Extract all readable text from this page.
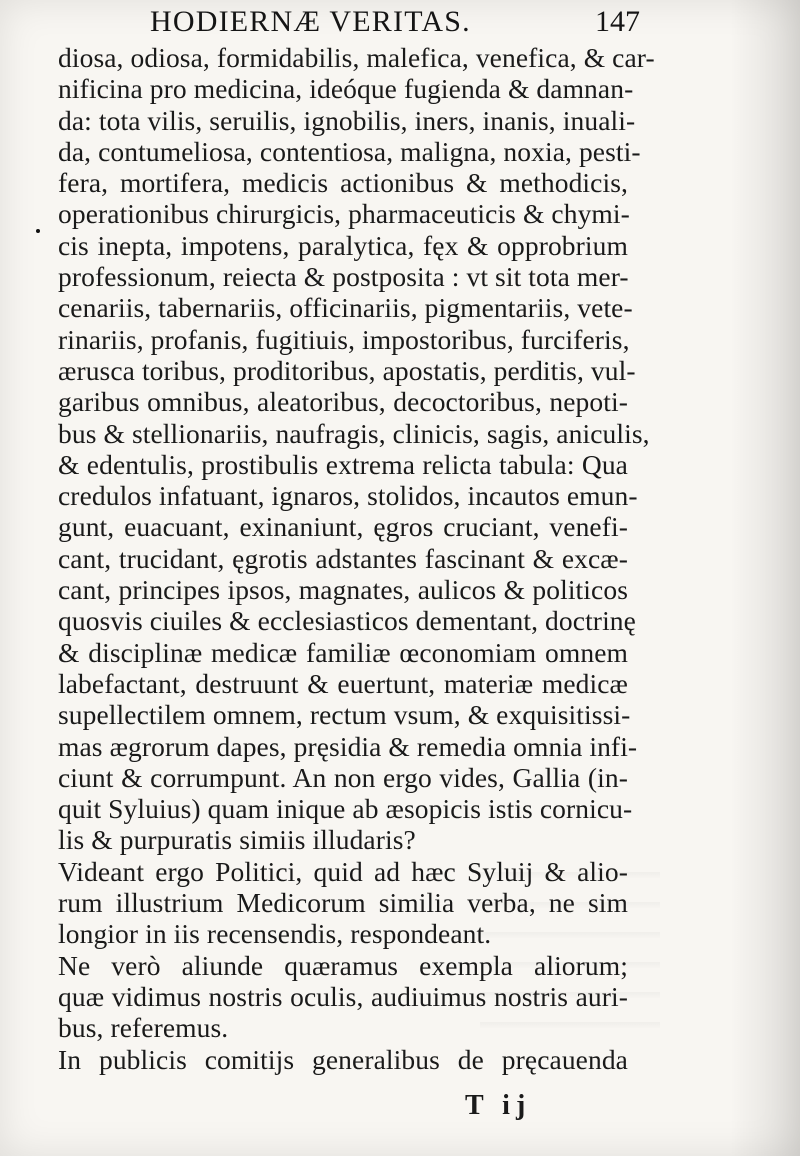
HODIERNÆ VERITAS.	147
diosa, odiosa, formidabilis, malefica, venefica, & car-
nificina pro medicina, ideóque fugienda & damnan-
da: tota vilis, seruilis, ignobilis, iners, inanis, inuali-
da, contumeliosa, contentiosa, maligna, noxia, pesti-
fera, mortifera, medicis actionibus & methodicis,
operationibus chirurgicis, pharmaceuticis & chymi-
cis inepta, impotens, paralytica, fęx & opprobrium
professionum, reiecta & postposita : vt sit tota mer-
cenariis, tabernariis, officinariis, pigmentariis, vete-
rinariis, profanis, fugitiuis, impostoribus, furciferis,
ærusca toribus, proditoribus, apostatis, perditis, vul-
garibus omnibus, aleatoribus, decoctoribus, nepoti-
bus & stellionariis, naufragis, clinicis, sagis, aniculis,
& edentulis, prostibulis extrema relicta tabula: Qua
credulos infatuant, ignaros, stolidos, incautos emun-
gunt, euacuant, exinaniunt, ęgros cruciant, venefi-
cant, trucidant, ęgrotis adstantes fascinant & excæ-
cant, principes ipsos, magnates, aulicos & politicos
quosvis ciuiles & ecclesiasticos dementant, doctrinę
& disciplinæ medicæ familiæ œconomiam omnem
labefactant, destruunt & euertunt, materiæ medicæ
supellectilem omnem, rectum vsum, & exquisitissi-
mas ægrorum dapes, pręsidia & remedia omnia infi-
ciunt & corrumpunt. An non ergo vides, Gallia (in-
quit Syluius) quam inique ab æsopicis istis cornicu-
lis & purpuratis simiis illudaris?
Videant ergo Politici, quid ad hæc Syluij & alio-
rum illustrium Medicorum similia verba, ne sim
longior in iis recensendis, respondeant.
Ne verò aliunde quæramus exempla aliorum;
quæ vidimus nostris oculis, audiuimus nostris auri-
bus, referemus.
In publicis comitijs generalibus de pręcauenda
T ij
